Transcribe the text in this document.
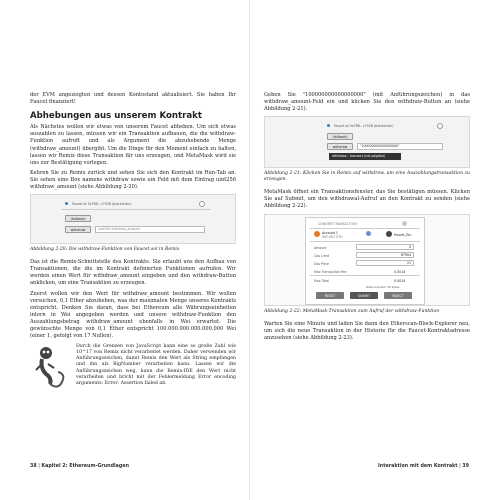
der EVM angezeigten und dessen Kontostand aktualisiert. Sie haben Ihr Faucet finanziert!

Abhebungen aus unserem Kontrakt

Als Nächstes wollen wir etwas von unserem Faucet abheben. Um sich etwas auszahlen zu lassen, müssen wir ein Transaktion aufbauen, die die withdraw-Funktion aufruft und als Argument die abzuhebende Menge (withdraw_amount) übergibt. Um die Dinge für den Moment einfach zu halten, lassen wir Remix diese Transaktion für uns erzeugen, und MetaMask wird sie uns zur Bestätigung vorlegen.

Kehren Sie zu Remix zurück und sehen Sie sich den Kontrakt im Run-Tab an. Sie sehen eine Box namens withdraw sowie ein Feld mit dem Eintrag uint256 withdraw_amount (siehe Abbildung 2-20).

Faucet at 0x7B6...c792B (blockchain)
(fallback)
withdraw	uint256 withdraw_amount
Abbildung 2-20: Die withdraw-Funktion von Faucet.sol in Remix

Das ist die Remix-Schnittstelle des Kontrakts. Sie erlaubt uns den Aufbau von Transaktionen, die die im Kontrakt definierten Funktionen aufrufen. Wir werden einen Wert für withdraw_amount eingeben und den withdraw-Button anklicken, um eine Transaktion zu erzeugen.

Zuerst wollen wir den Wert für withdraw_amount bestimmen. Wir wollen versuchen, 0,1 Ether abzuheben, was der maximalen Menge unseres Kontrakts entspricht. Denken Sie daran, dass bei Ethereum alle Währungseinheiten intern in Wei angegeben werden und unsere withdraw-Funktion den Auszahlungsbetrag withdraw_amount ebenfalls in Wei erwartet. Die gewünschte Menge von 0,1 Ether entspricht 100.000.000.000.000.000 Wei (einer 1, gefolgt von 17 Nullen).

Durch die Grenzen von JavaScript kann eine so große Zahl wie 10^17 von Remix nicht verarbeitet werden. Daher verwenden wir Anführungszeichen, damit Remix den Wert als String empfangen und ihn als BigNumber verarbeiten kann. Lassen wir die Anführungszeichen weg, kann die Remix-IDE den Wert nicht verarbeiten und bricht mit der Fehlermeldung Error encoding arguments: Error: Assertion failed ab.
38 | Kapitel 2: Ethereum-Grundlagen

Geben Sie "100000000000000000" (mit Anführungszeichen) in das withdraw_amount-Feld ein und klicken Sie den withdraw-Button an (siehe Abbildung 2-21).

Faucet at 0x7B6...c792B (blockchain)
(fallback)
withdraw	"100000000000000000"
withdraw - transact (not payable)
Abbildung 2-21: Klicken Sie in Remix auf withdraw, um eine Auszahlungstransaktion zu erzeugen.

MetaMask öffnet ein Transaktionsfenster, das Sie bestätigen müssen. Klicken Sie auf Submit, um den withdrawal-Aufruf an den Kontrakt zu senden (siehe Abbildung 2-22).

CONFIRM TRANSACTION
Account 1
987.651 ETH	Faucet_Etc.
Amount	0
Gas Limit	67904
Gas Price	21
Max Transaction Fee	0.0014
Max Total	0.0014
Data included: 36 bytes
RESET	SUBMIT	REJECT
Abbildung 2-22: MetaMask-Transaktion zum Aufruf der withdraw-Funktion

Warten Sie eine Minute und laden Sie dann den Etherscan-Block-Explorer neu, um sich die neue Transaktion in der Historie für die Faucet-Kontraktadresse anzusehen (siehe Abbildung 2-23).

Interaktion mit dem Kontrakt | 39
